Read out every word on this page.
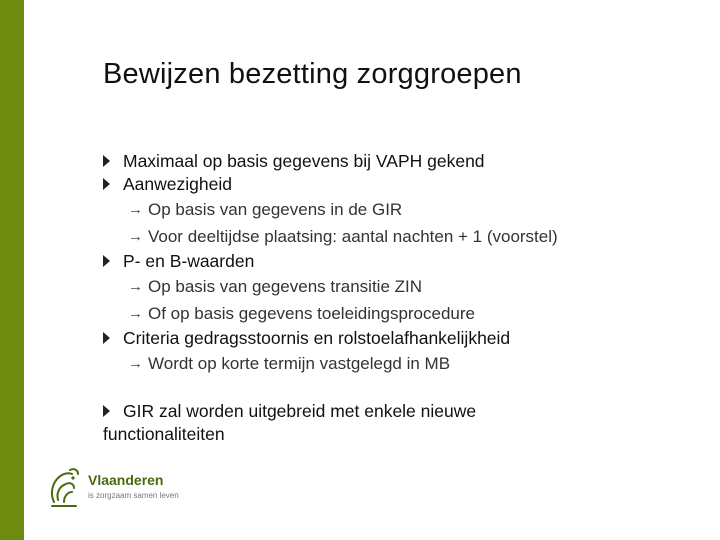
Bewijzen bezetting zorggroepen
Maximaal op basis gegevens bij VAPH gekend
Aanwezigheid
→ Op basis van gegevens in de GIR
→ Voor deeltijdse plaatsing: aantal nachten + 1 (voorstel)
P- en B-waarden
→ Op basis van gegevens transitie ZIN
→ Of op basis gegevens toeleidingsprocedure
Criteria gedragsstoornis en rolstoelafhankelijkheid
→ Wordt op korte termijn vastgelegd in MB
GIR zal worden uitgebreid met enkele nieuwe
functionaliteiten
Vlaanderen
is zorgzaam samen leven
